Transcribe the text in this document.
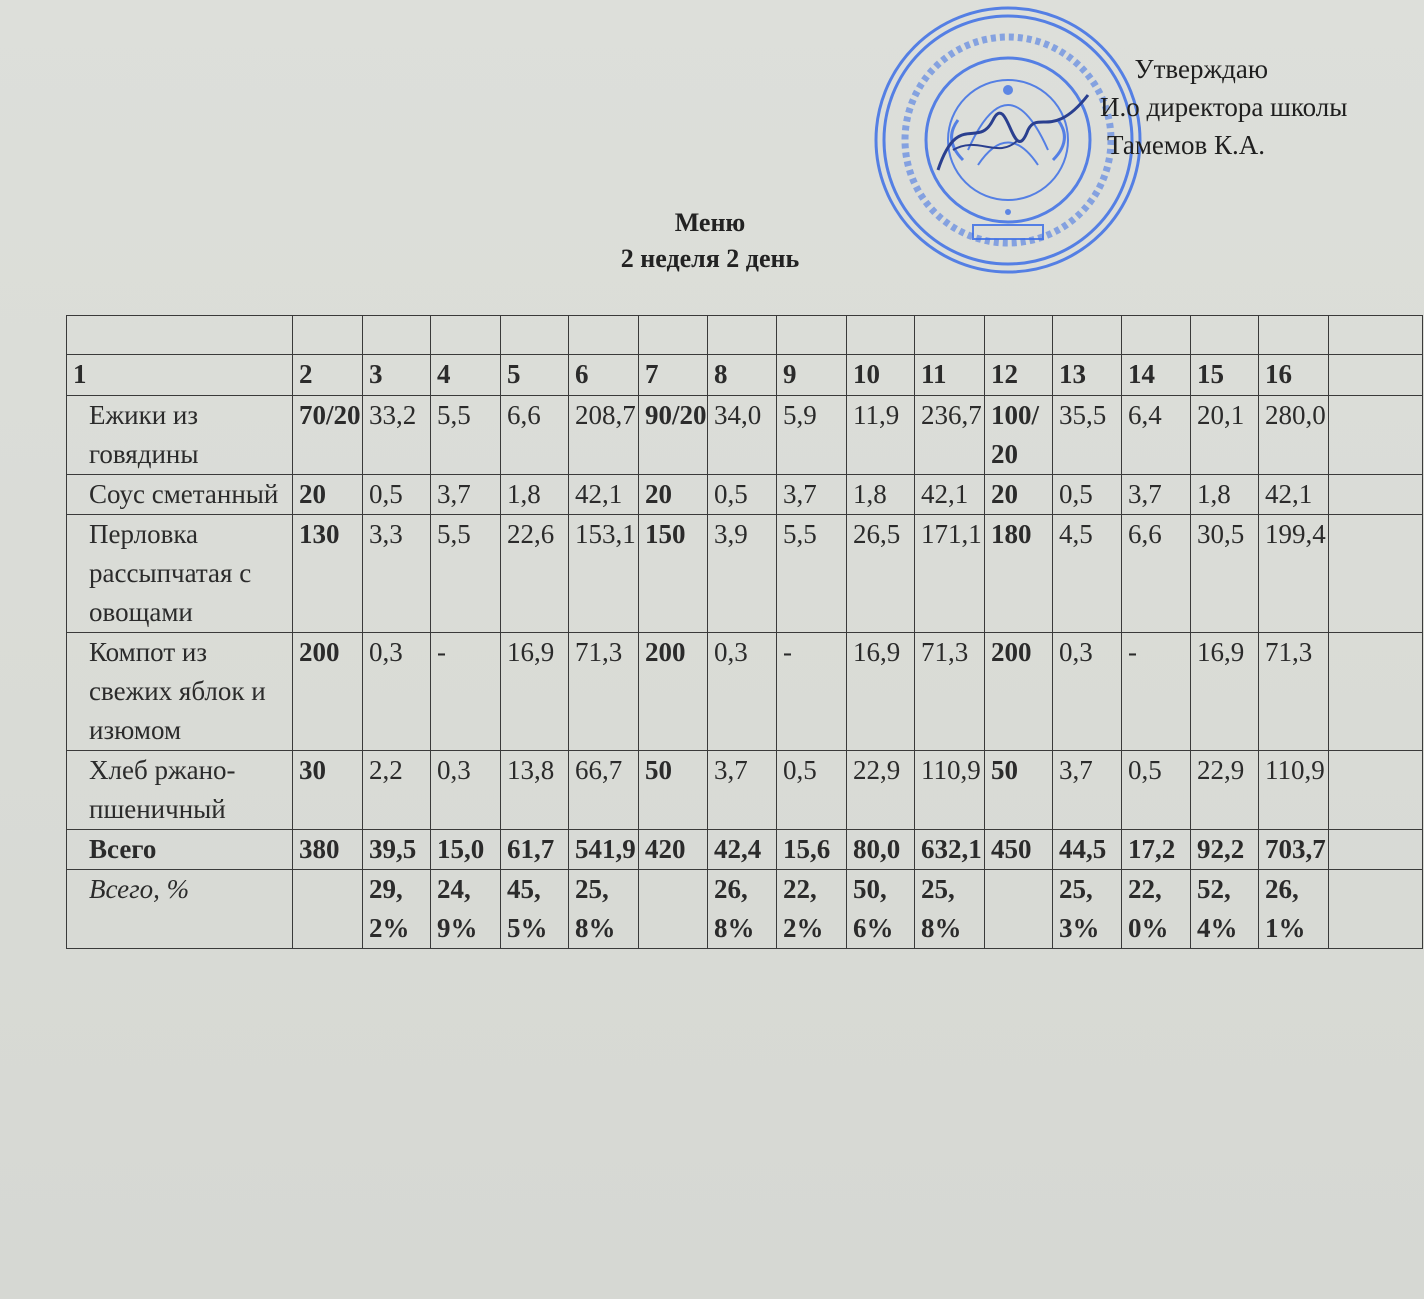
Утверждаю
И.о директора школы
Тамемов К.А.
Меню
2 неделя 2 день

1	2	3	4	5	6	7	8	9	10	11	12	13	14	15	16	
Ежики из говядины	70/20	33,2	5,5	6,6	208,7	90/20	34,0	5,9	11,9	236,7	100/20	35,5	6,4	20,1	280,0	
Соус сметанный	20	0,5	3,7	1,8	42,1	20	0,5	3,7	1,8	42,1	20	0,5	3,7	1,8	42,1	
Перловка рассыпчатая с овощами	130	3,3	5,5	22,6	153,1	150	3,9	5,5	26,5	171,1	180	4,5	6,6	30,5	199,4	
Компот из свежих яблок и изюмом	200	0,3	-	16,9	71,3	200	0,3	-	16,9	71,3	200	0,3	-	16,9	71,3	
Хлеб ржано-пшеничный	30	2,2	0,3	13,8	66,7	50	3,7	0,5	22,9	110,9	50	3,7	0,5	22,9	110,9	
Всего	380	39,5	15,0	61,7	541,9	420	42,4	15,6	80,0	632,1	450	44,5	17,2	92,2	703,7	
Всего, %		29,2%	24,9%	45,5%	25,8%		26,8%	22,2%	50,6%	25,8%		25,3%	22,0%	52,4%	26,1%	
